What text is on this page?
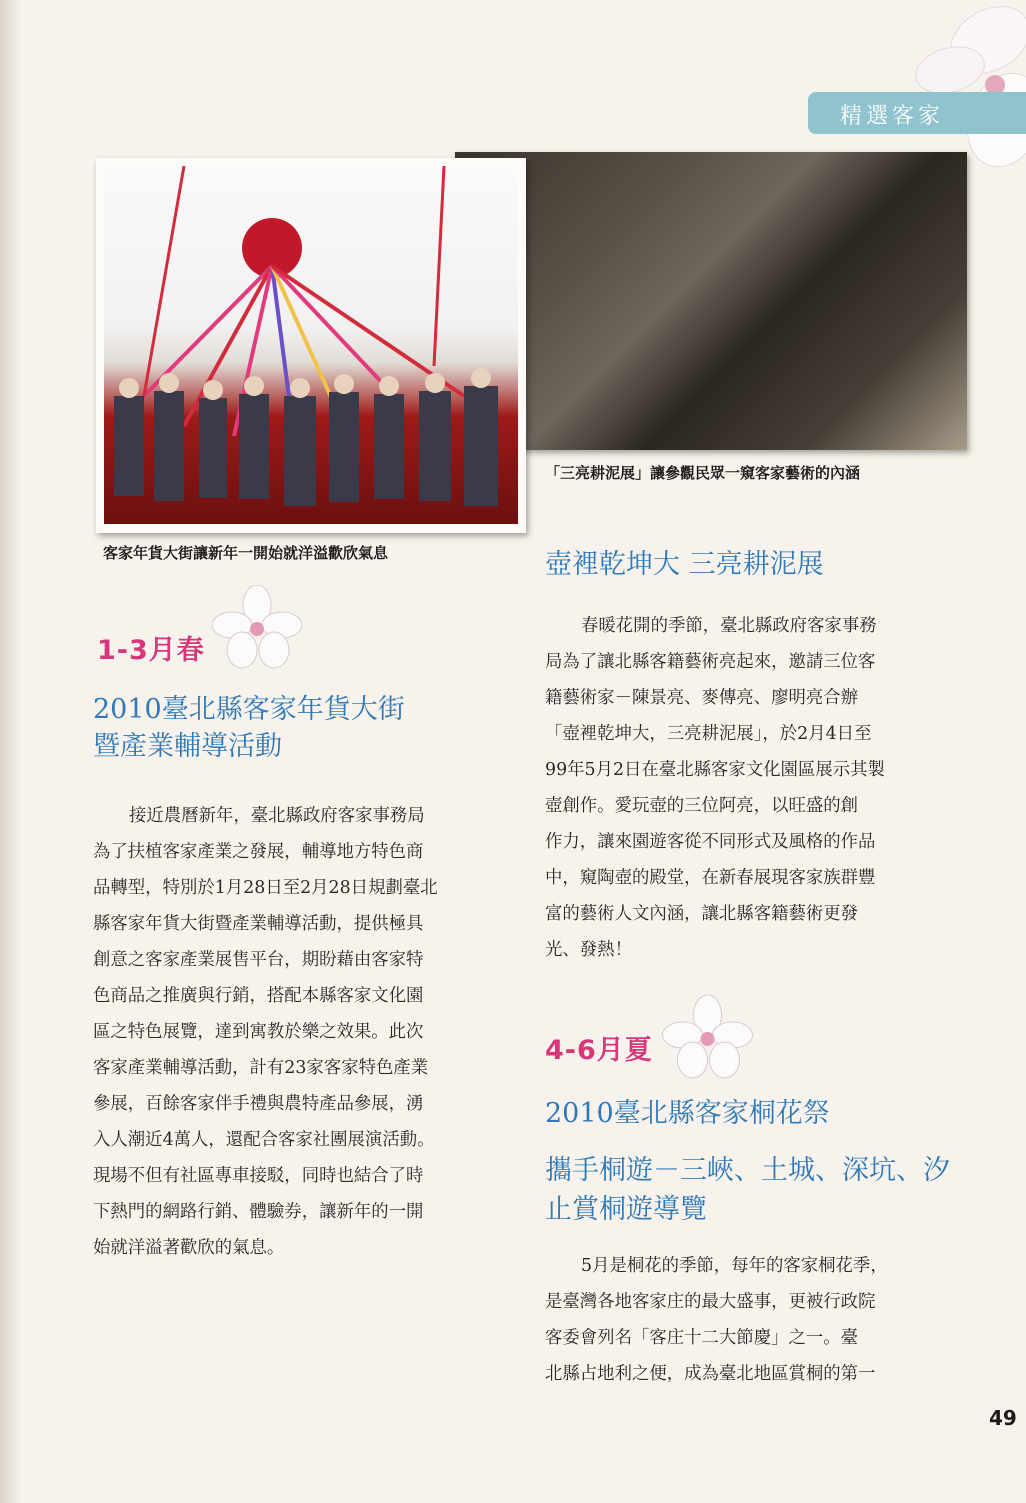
精選客家
「三亮耕泥展」讓參觀民眾一窺客家藝術的內涵
客家年貨大街讓新年一開始就洋溢歡欣氣息
1-3月春
2010臺北縣客家年貨大街
暨產業輔導活動
接近農曆新年，臺北縣政府客家事務局
為了扶植客家產業之發展，輔導地方特色商
品轉型，特別於1月28日至2月28日規劃臺北
縣客家年貨大街暨產業輔導活動，提供極具
創意之客家產業展售平台，期盼藉由客家特
色商品之推廣與行銷，搭配本縣客家文化園
區之特色展覽，達到寓教於樂之效果。此次
客家產業輔導活動，計有23家客家特色產業
參展，百餘客家伴手禮與農特產品參展，湧
入人潮近4萬人，還配合客家社團展演活動。
現場不但有社區專車接駁，同時也結合了時
下熱門的網路行銷、體驗券，讓新年的一開
始就洋溢著歡欣的氣息。
壺裡乾坤大 三亮耕泥展
春暖花開的季節，臺北縣政府客家事務
局為了讓北縣客籍藝術亮起來，邀請三位客
籍藝術家－陳景亮、麥傳亮、廖明亮合辦
「壺裡乾坤大，三亮耕泥展」，於2月4日至
99年5月2日在臺北縣客家文化園區展示其製
壺創作。愛玩壺的三位阿亮，以旺盛的創
作力，讓來園遊客從不同形式及風格的作品
中，窺陶壺的殿堂，在新春展現客家族群豐
富的藝術人文內涵，讓北縣客籍藝術更發
光、發熱！
4-6月夏
2010臺北縣客家桐花祭
攜手桐遊－三峽、土城、深坑、汐
止賞桐遊導覽
5月是桐花的季節，每年的客家桐花季，
是臺灣各地客家庄的最大盛事，更被行政院
客委會列名「客庄十二大節慶」之一。臺
北縣占地利之便，成為臺北地區賞桐的第一
49
